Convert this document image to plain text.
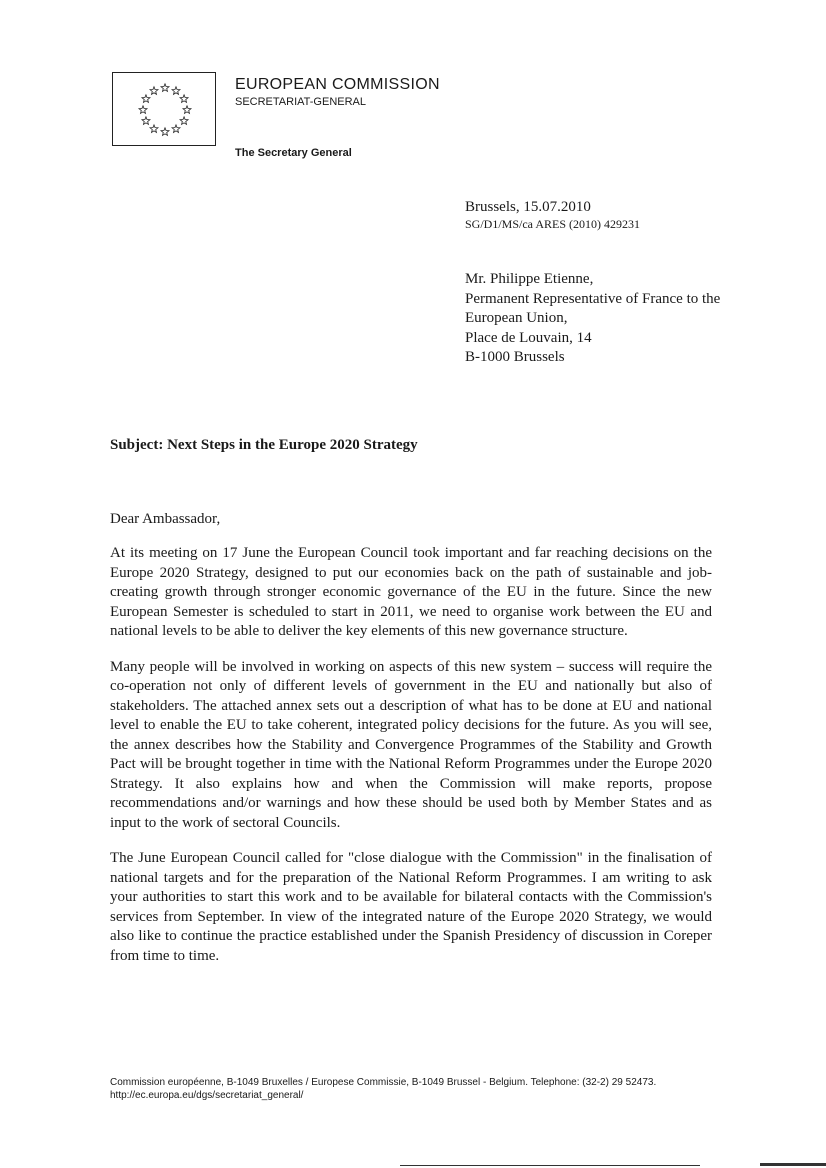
EUROPEAN COMMISSION
SECRETARIAT-GENERAL
The Secretary General
Brussels, 15.07.2010
SG/D1/MS/ca ARES (2010) 429231
Mr. Philippe Etienne,
Permanent Representative of France to the
European Union,
Place de Louvain, 14
B-1000 Brussels
Subject: Next Steps in the Europe 2020 Strategy
Dear Ambassador,

At its meeting on 17 June the European Council took important and far reaching decisions on the Europe 2020 Strategy, designed to put our economies back on the path of sustainable and job-creating growth through stronger economic governance of the EU in the future. Since the new European Semester is scheduled to start in 2011, we need to organise work between the EU and national levels to be able to deliver the key elements of this new governance structure.

Many people will be involved in working on aspects of this new system – success will require the co-operation not only of different levels of government in the EU and nationally but also of stakeholders. The attached annex sets out a description of what has to be done at EU and national level to enable the EU to take coherent, integrated policy decisions for the future. As you will see, the annex describes how the Stability and Convergence Programmes of the Stability and Growth Pact will be brought together in time with the National Reform Programmes under the Europe 2020 Strategy. It also explains how and when the Commission will make reports, propose recommendations and/or warnings and how these should be used both by Member States and as input to the work of sectoral Councils.

The June European Council called for "close dialogue with the Commission" in the finalisation of national targets and for the preparation of the National Reform Programmes. I am writing to ask your authorities to start this work and to be available for bilateral contacts with the Commission's services from September. In view of the integrated nature of the Europe 2020 Strategy, we would also like to continue the practice established under the Spanish Presidency of discussion in Coreper from time to time.

Commission européenne, B-1049 Bruxelles / Europese Commissie, B-1049 Brussel - Belgium. Telephone: (32-2) 29 52473.
http://ec.europa.eu/dgs/secretariat_general/
